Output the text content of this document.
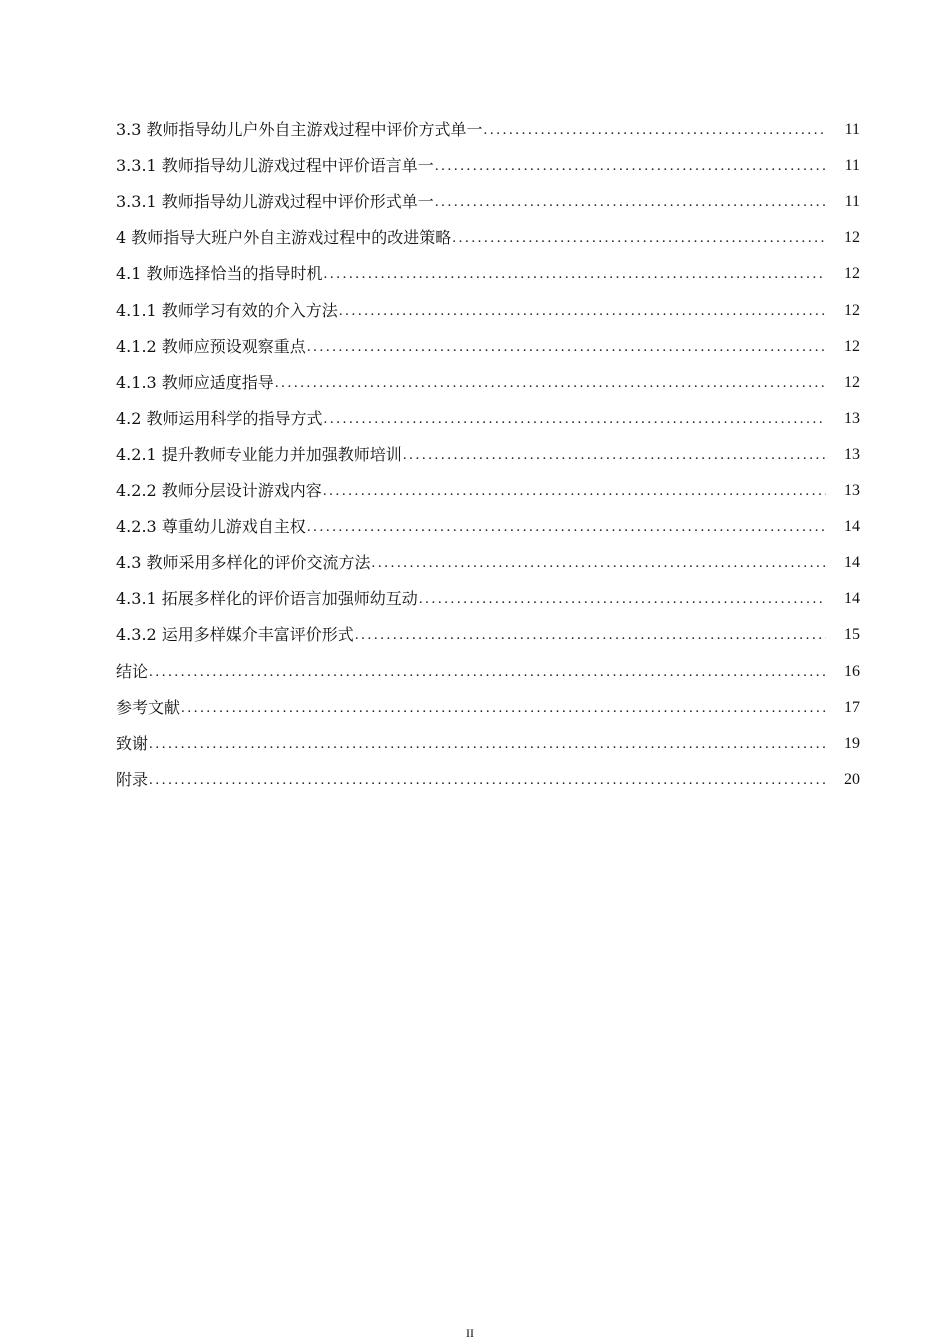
3.3 教师指导幼儿户外自主游戏过程中评价方式单一 .....	11
3.3.1 教师指导幼儿游戏过程中评价语言单一 .....	11
3.3.1 教师指导幼儿游戏过程中评价形式单一 .....	11
4 教师指导大班户外自主游戏过程中的改进策略 .....	12
4.1 教师选择恰当的指导时机 .....	12
4.1.1 教师学习有效的介入方法 .....	12
4.1.2 教师应预设观察重点 .....	12
4.1.3 教师应适度指导 .....	12
4.2 教师运用科学的指导方式 .....	13
4.2.1 提升教师专业能力并加强教师培训 .....	13
4.2.2 教师分层设计游戏内容 .....	13
4.2.3 尊重幼儿游戏自主权 .....	14
4.3 教师采用多样化的评价交流方法 .....	14
4.3.1 拓展多样化的评价语言加强师幼互动 .....	14
4.3.2 运用多样媒介丰富评价形式 .....	15
结论 .....	16
参考文献 .....	17
致谢 .....	19
附录 .....	20
II
